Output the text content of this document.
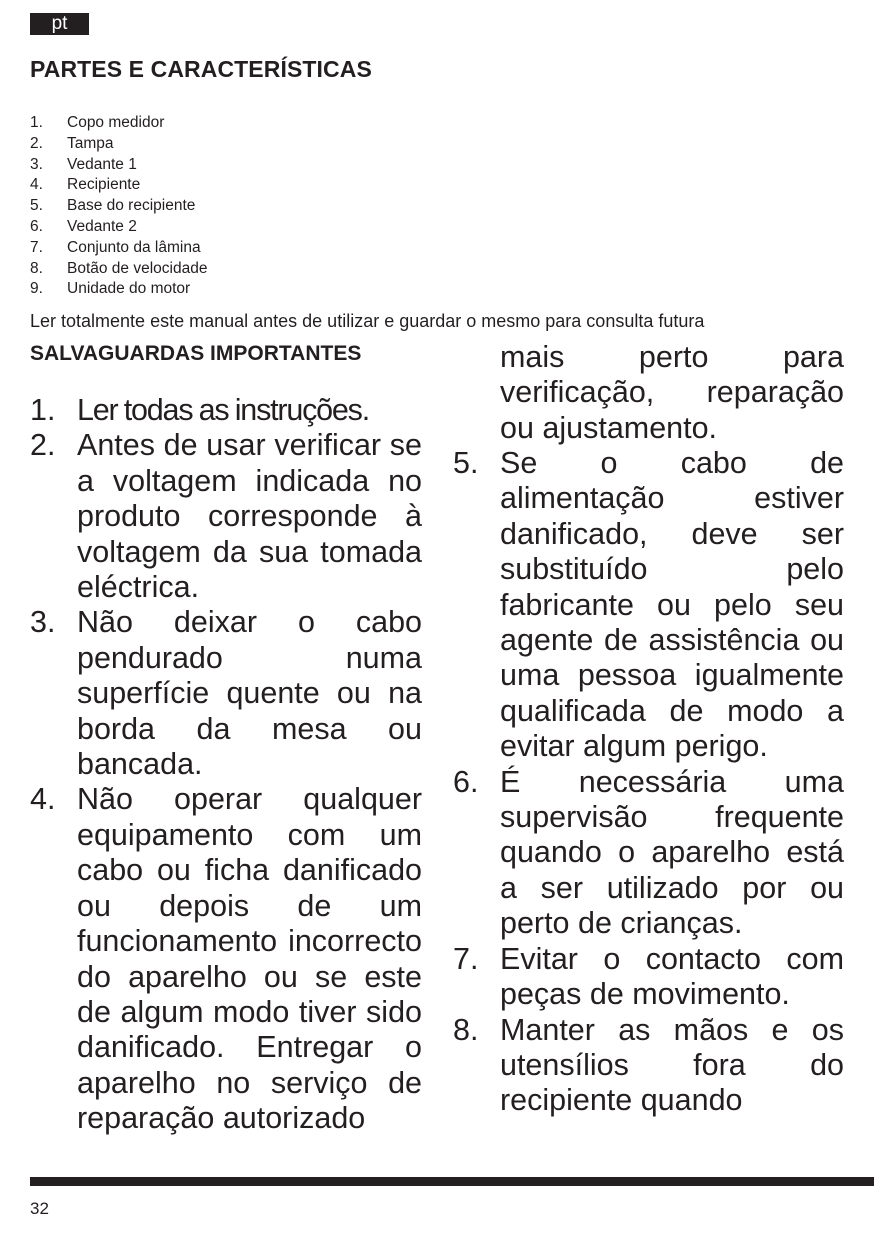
pt
PARTES E CARACTERÍSTICAS
1. Copo medidor
2. Tampa
3. Vedante 1
4. Recipiente
5. Base do recipiente
6. Vedante 2
7. Conjunto da lâmina
8. Botão de velocidade
9. Unidade do motor

Ler totalmente este manual antes de utilizar e guardar o mesmo para consulta futura

SALVAGUARDAS IMPORTANTES
1. Ler todas as instruções.
2. Antes de usar verificar se a voltagem indicada no produto corresponde à voltagem da sua tomada eléctrica.
3. Não deixar o cabo pendurado numa superfície quente ou na borda da mesa ou bancada.
4. Não operar qualquer equipamento com um cabo ou ficha danificado ou depois de um funcionamento incorrecto do aparelho ou se este de algum modo tiver sido danificado. Entregar o aparelho no serviço de reparação autorizado

mais perto para
verificação, reparação
ou ajustamento.

5. Se o cabo de alimentação estiver danificado, deve ser substituído pelo fabricante ou pelo seu agente de assistência ou uma pessoa igualmente qualificada de modo a evitar algum perigo.
6. É necessária uma supervisão frequente quando o aparelho está a ser utilizado por ou perto de crianças.
7. Evitar o contacto com peças de movimento.
8. Manter as mãos e os utensílios fora do recipiente quando

32
